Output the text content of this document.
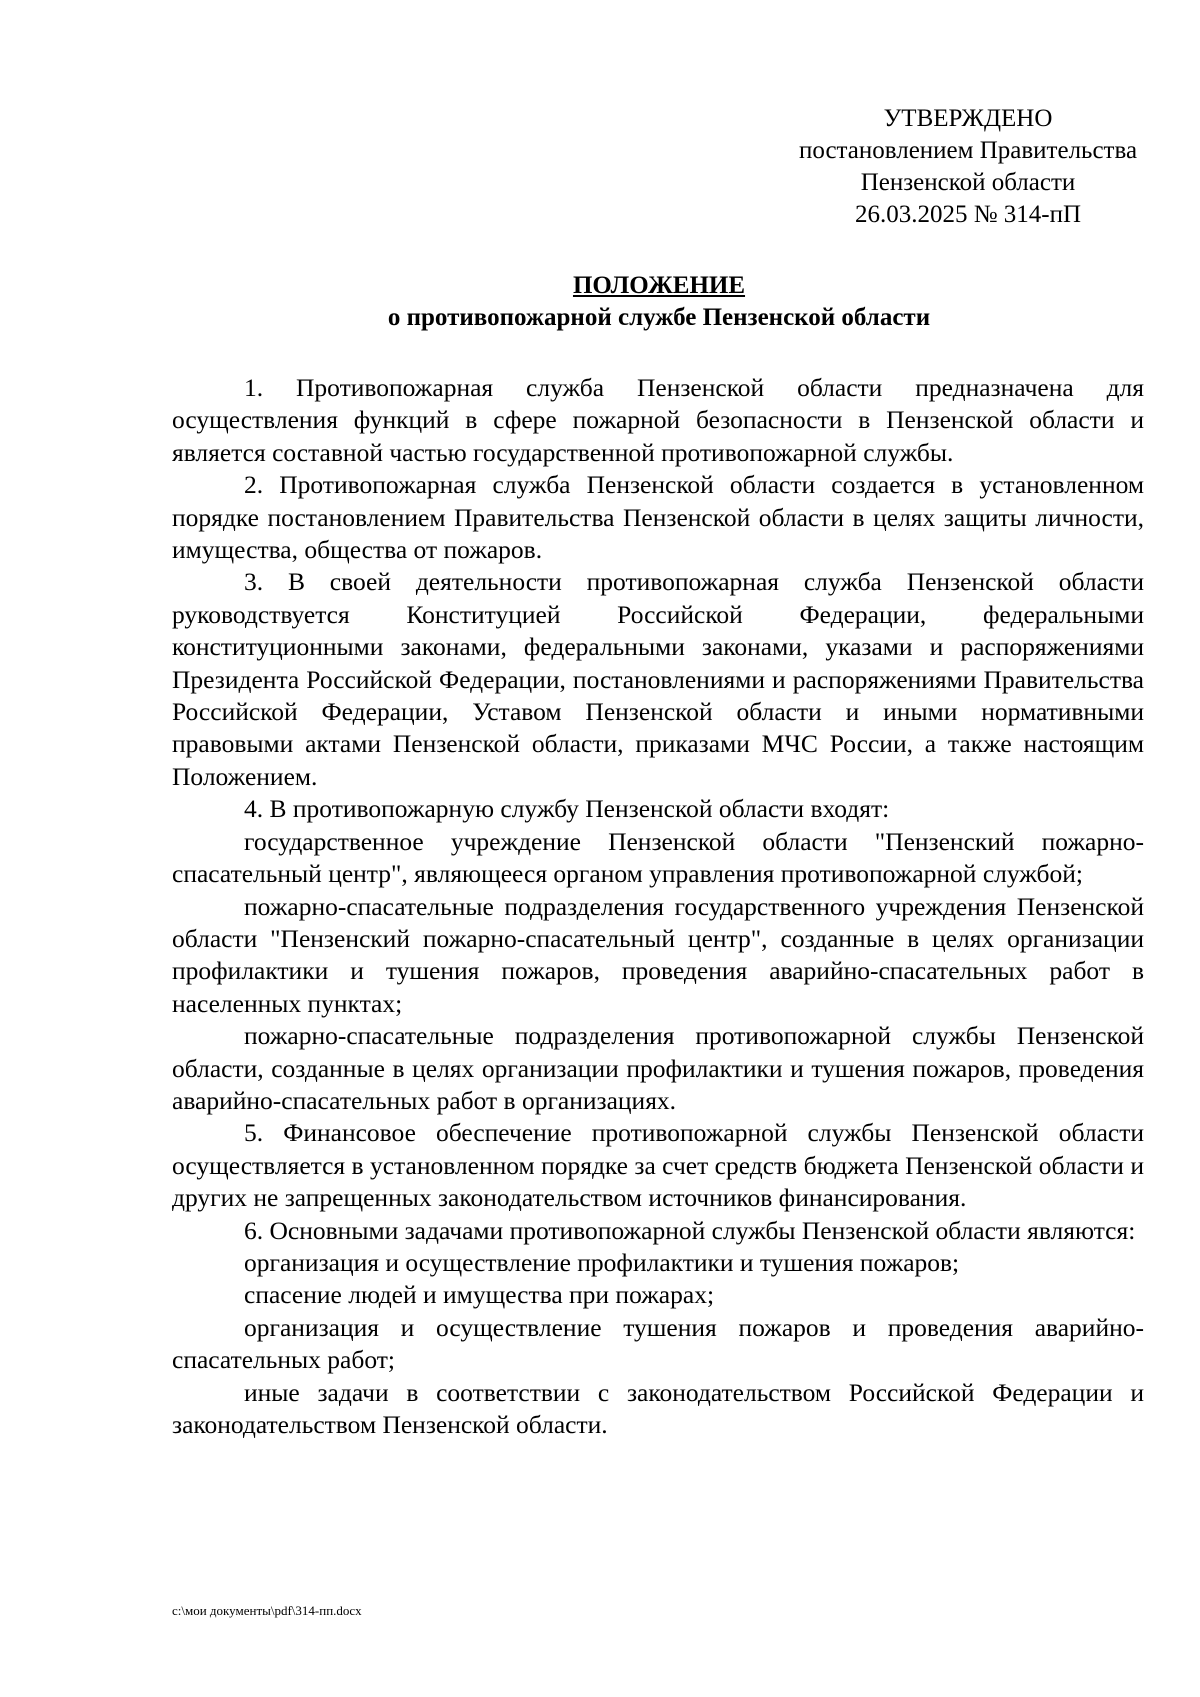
УТВЕРЖДЕНО
постановлением Правительства
Пензенской области
26.03.2025 № 314-пП
ПОЛОЖЕНИЕ
о противопожарной службе Пензенской области

1. Противопожарная служба Пензенской области предназначена для осуществления функций в сфере пожарной безопасности в Пензенской области и является составной частью государственной противопожарной службы.

2. Противопожарная служба Пензенской области создается в установленном порядке постановлением Правительства Пензенской области в целях защиты личности, имущества, общества от пожаров.

3. В своей деятельности противопожарная служба Пензенской области руководствуется Конституцией Российской Федерации, федеральными конституционными законами, федеральными законами, указами и распоряжениями Президента Российской Федерации, постановлениями и распоряжениями Правительства Российской Федерации, Уставом Пензенской области и иными нормативными правовыми актами Пензенской области, приказами МЧС России, а также настоящим Положением.

4. В противопожарную службу Пензенской области входят:

государственное учреждение Пензенской области "Пензенский пожарно-спасательный центр", являющееся органом управления противопожарной службой;

пожарно-спасательные подразделения государственного учреждения Пензенской области "Пензенский пожарно-спасательный центр", созданные в целях организации профилактики и тушения пожаров, проведения аварийно-спасательных работ в населенных пунктах;

пожарно-спасательные подразделения противопожарной службы Пензенской области, созданные в целях организации профилактики и тушения пожаров, проведения аварийно-спасательных работ в организациях.

5. Финансовое обеспечение противопожарной службы Пензенской области осуществляется в установленном порядке за счет средств бюджета Пензенской области и других не запрещенных законодательством источников финансирования.

6. Основными задачами противопожарной службы Пензенской области являются:

организация и осуществление профилактики и тушения пожаров;

спасение людей и имущества при пожарах;

организация и осуществление тушения пожаров и проведения аварийно-спасательных работ;

иные задачи в соответствии с законодательством Российской Федерации и законодательством Пензенской области.

c:\мои документы\pdf\314-пп.docx
